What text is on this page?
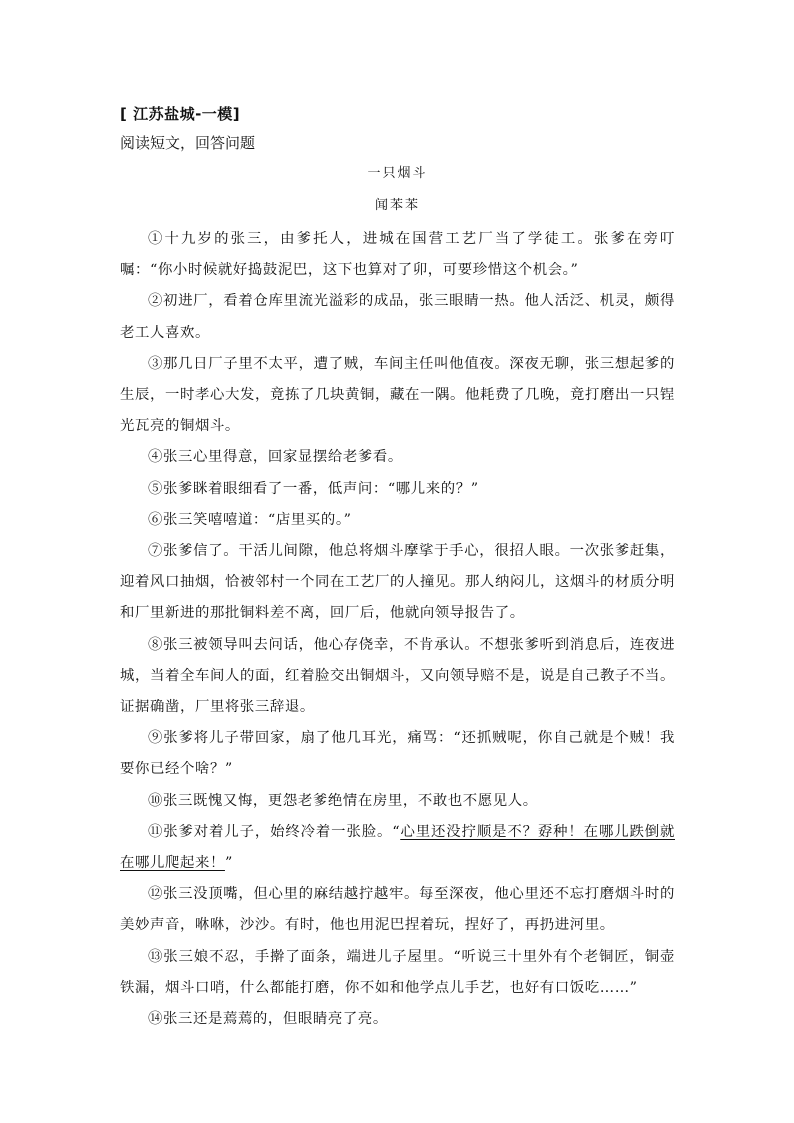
[ 江苏盐城-一模]
阅读短文，回答问题
一只烟斗
闻苯苯

①十九岁的张三，由爹托人，进城在国营工艺厂当了学徒工。张爹在旁叮嘱：“你小时候就好捣鼓泥巴，这下也算对了卯，可要珍惜这个机会。”

②初进厂，看着仓库里流光溢彩的成品，张三眼睛一热。他人活泛、机灵，颇得老工人喜欢。

③那几日厂子里不太平，遭了贼，车间主任叫他值夜。深夜无聊，张三想起爹的生辰，一时孝心大发，竟拣了几块黄铜，藏在一隅。他耗费了几晚，竟打磨出一只锃光瓦亮的铜烟斗。

④张三心里得意，回家显摆给老爹看。

⑤张爹眯着眼细看了一番，低声问：“哪儿来的？”

⑥张三笑嘻嘻道：“店里买的。”

⑦张爹信了。干活儿间隙，他总将烟斗摩挲于手心，很招人眼。一次张爹赶集，迎着风口抽烟，恰被邻村一个同在工艺厂的人撞见。那人纳闷儿，这烟斗的材质分明和厂里新进的那批铜料差不离，回厂后，他就向领导报告了。

⑧张三被领导叫去问话，他心存侥幸，不肯承认。不想张爹听到消息后，连夜进城，当着全车间人的面，红着脸交出铜烟斗，又向领导赔不是，说是自己教子不当。证据确凿，厂里将张三辞退。

⑨张爹将儿子带回家，扇了他几耳光，痛骂：“还抓贼呢，你自己就是个贼！我要你已经个啥？”

⑩张三既愧又悔，更怨老爹绝情在房里，不敢也不愿见人。

⑪张爹对着儿子，始终冷着一张脸。“心里还没拧顺是不？孬种！在哪儿跌倒就在哪儿爬起来！”

⑫张三没顶嘴，但心里的麻结越拧越牢。每至深夜，他心里还不忘打磨烟斗时的美妙声音，咻咻，沙沙。有时，他也用泥巴捏着玩，捏好了，再扔进河里。

⑬张三娘不忍，手擀了面条，端进儿子屋里。“听说三十里外有个老铜匠，铜壶铁漏，烟斗口哨，什么都能打磨，你不如和他学点儿手艺，也好有口饭吃……”

⑭张三还是蔫蔫的，但眼睛亮了亮。
